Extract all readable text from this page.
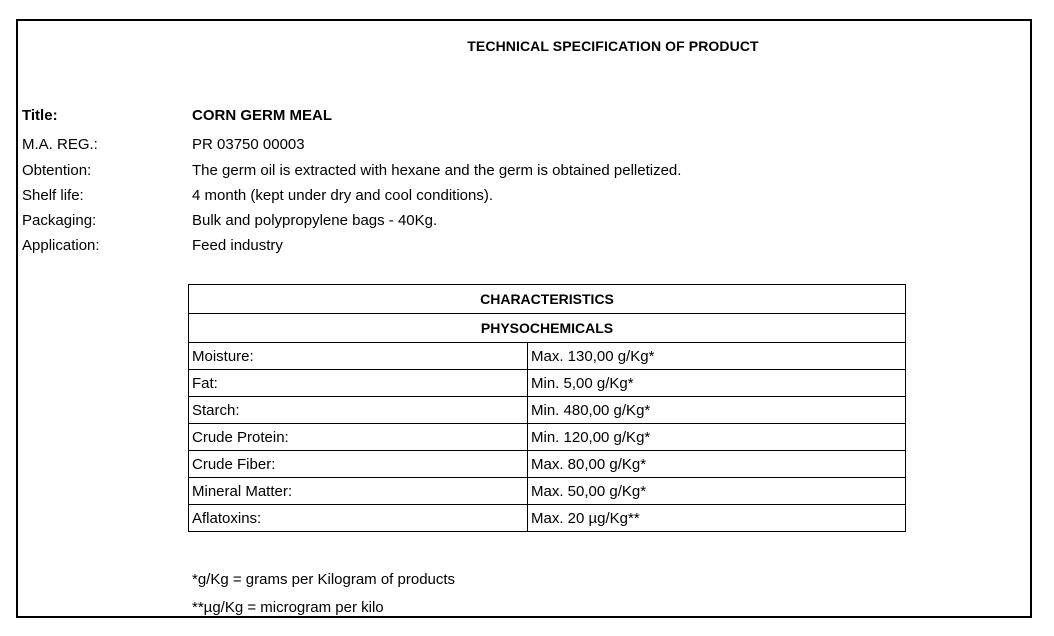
TECHNICAL SPECIFICATION OF PRODUCT
Title:	CORN GERM MEAL
M.A. REG.:	PR 03750 00003
Obtention:	The germ oil is extracted with hexane and the germ is obtained pelletized.
Shelf life:	4 month (kept under dry and cool conditions).
Packaging:	Bulk and polypropylene bags - 40Kg.
Application:	Feed industry
CHARACTERISTICS	
PHYSOCHEMICALS	
Moisture:	Max. 130,00 g/Kg*
Fat:	Min. 5,00 g/Kg*
Starch:	Min. 480,00 g/Kg*
Crude Protein:	Min. 120,00 g/Kg*
Crude Fiber:	Max. 80,00 g/Kg*
Mineral Matter:	Max. 50,00 g/Kg*
Aflatoxins:	Max. 20 µg/Kg**
*g/Kg = grams per Kilogram of products
**µg/Kg = microgram per kilo
